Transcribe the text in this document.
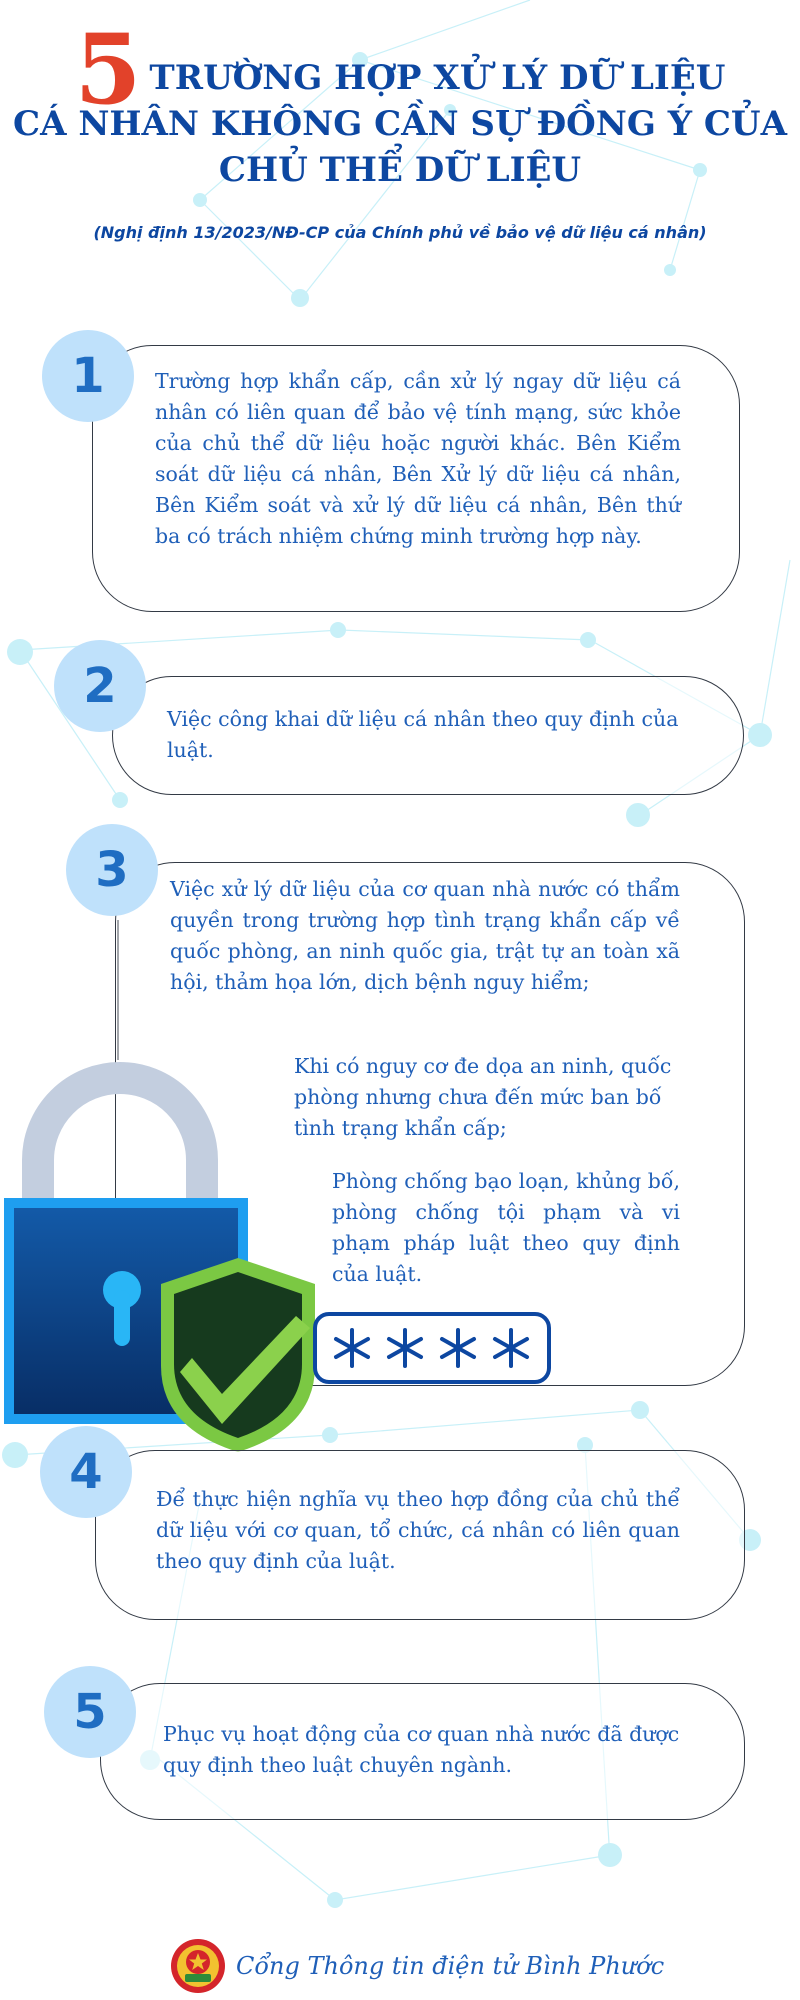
5 TRƯỜNG HỢP XỬ LÝ DỮ LIỆU
CÁ NHÂN KHÔNG CẦN SỰ ĐỒNG Ý CỦA
CHỦ THỂ DỮ LIỆU
(Nghị định 13/2023/NĐ-CP của Chính phủ về bảo vệ dữ liệu cá nhân)
Trường hợp khẩn cấp, cần xử lý ngay dữ liệu cá nhân có liên quan để bảo vệ tính mạng, sức khỏe của chủ thể dữ liệu hoặc người khác. Bên Kiểm soát dữ liệu cá nhân, Bên Xử lý dữ liệu cá nhân, Bên Kiểm soát và xử lý dữ liệu cá nhân, Bên thứ ba có trách nhiệm chứng minh trường hợp này.
1
Việc công khai dữ liệu cá nhân theo quy định của luật.
2
Việc xử lý dữ liệu của cơ quan nhà nước có thẩm quyền trong trường hợp tình trạng khẩn cấp về quốc phòng, an ninh quốc gia, trật tự an toàn xã hội, thảm họa lớn, dịch bệnh nguy hiểm;
Khi có nguy cơ đe dọa an ninh, quốc phòng nhưng chưa đến mức ban bố tình trạng khẩn cấp;
Phòng chống bạo loạn, khủng bố, phòng chống tội phạm và vi phạm pháp luật theo quy định của luật.
3
Để thực hiện nghĩa vụ theo hợp đồng của chủ thể dữ liệu với cơ quan, tổ chức, cá nhân có liên quan theo quy định của luật.
4
Phục vụ hoạt động của cơ quan nhà nước đã được quy định theo luật chuyên ngành.
5
Cổng Thông tin điện tử Bình Phước
